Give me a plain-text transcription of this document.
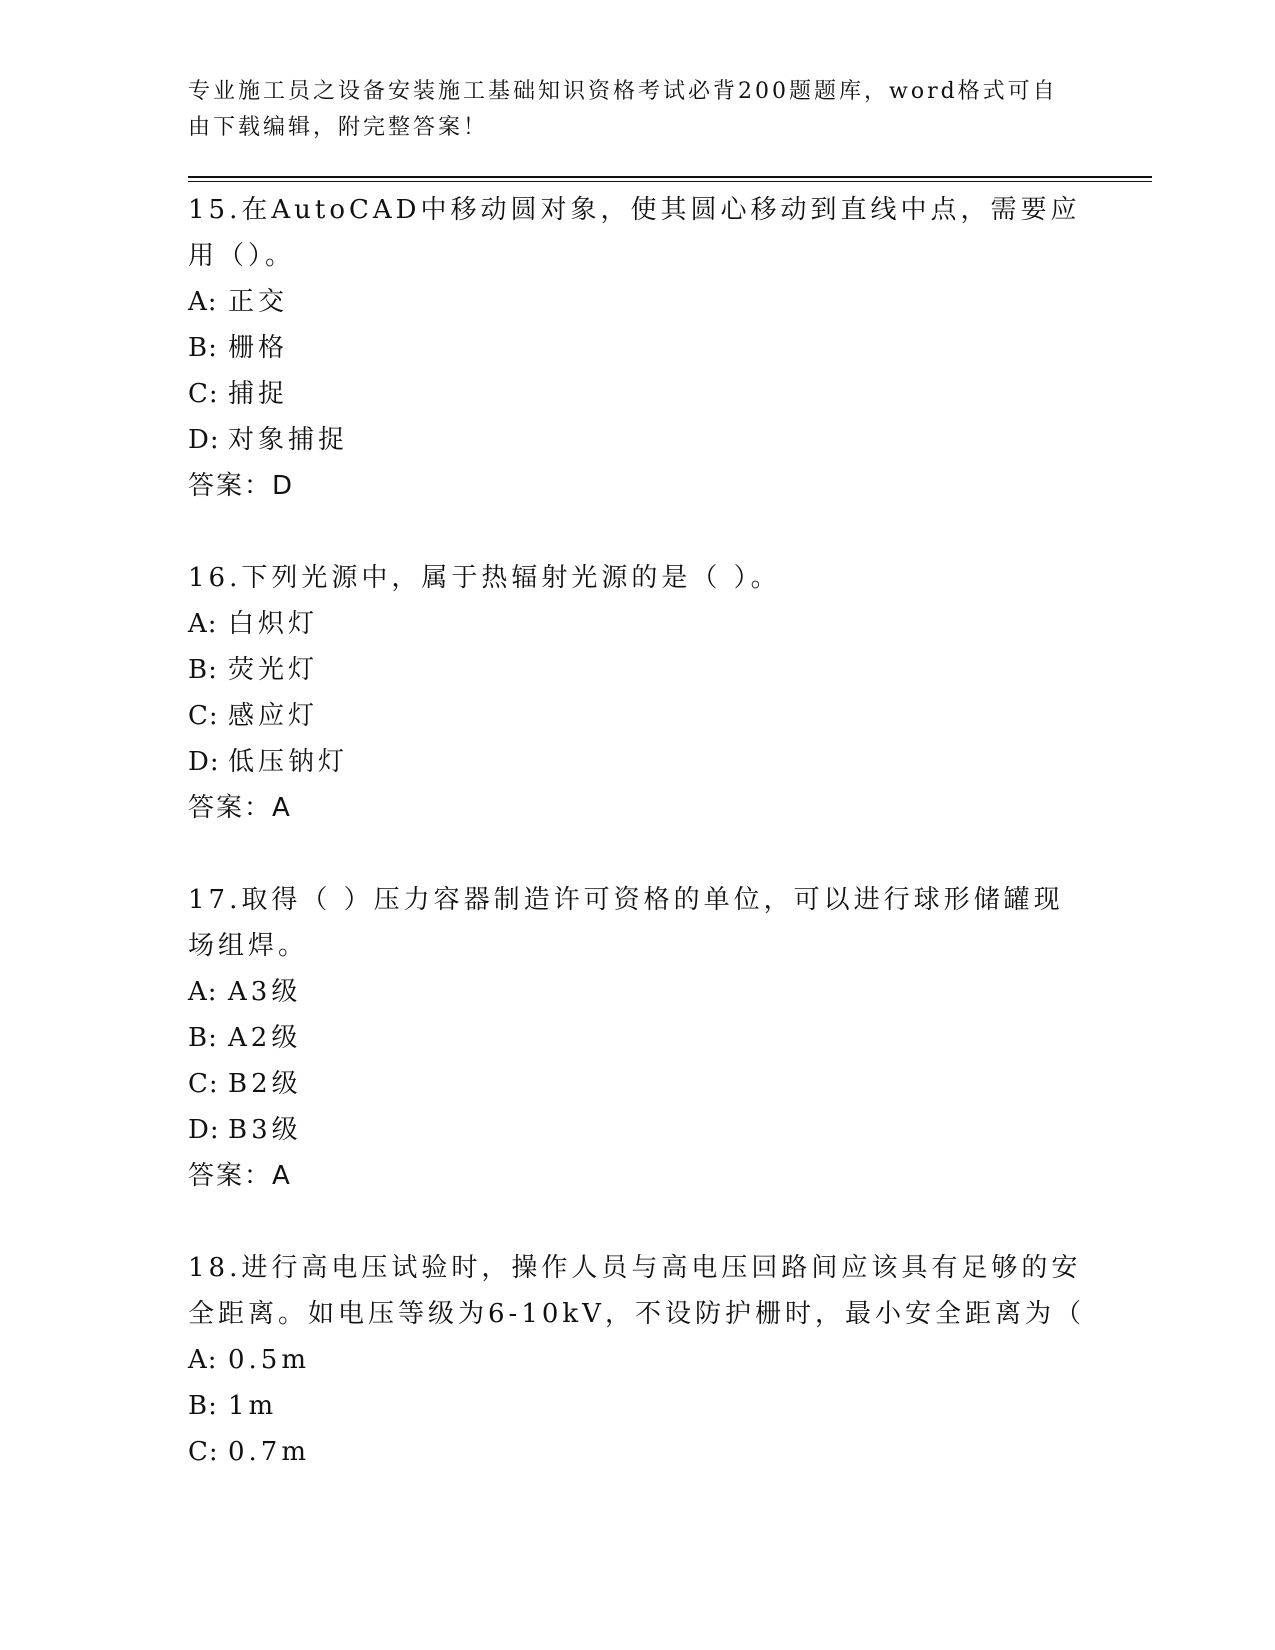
专业施工员之设备安装施工基础知识资格考试必背200题题库，word格式可自由下载编辑，附完整答案！
15.在AutoCAD中移动圆对象，使其圆心移动到直线中点，需要应用（）。
A: 正交
B: 栅格
C: 捕捉
D: 对象捕捉
答案：D
16.下列光源中，属于热辐射光源的是（ ）。
A: 白炽灯
B: 荧光灯
C: 感应灯
D: 低压钠灯
答案：A
17.取得（ ）压力容器制造许可资格的单位，可以进行球形储罐现场组焊。
A: A3级
B: A2级
C: B2级
D: B3级
答案：A
18.进行高电压试验时，操作人员与高电压回路间应该具有足够的安全距离。如电压等级为6-10kV，不设防护栅时，最小安全距离为（
A: 0.5m
B: 1m
C: 0.7m
